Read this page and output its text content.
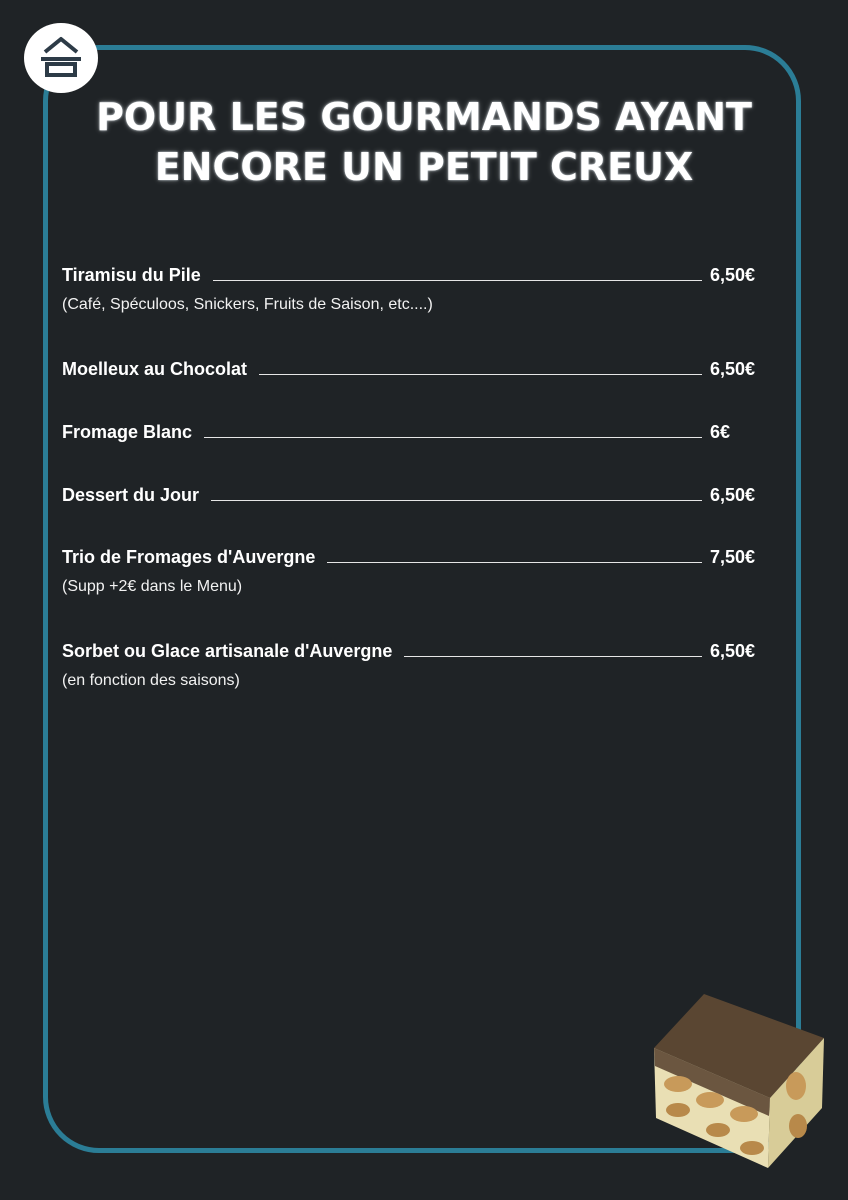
POUR LES GOURMANDS AYANT
ENCORE UN PETIT CREUX
Tiramisu du Pile	6,50€
(Café, Spéculoos, Snickers, Fruits de Saison, etc....)
Moelleux au Chocolat	6,50€
Fromage Blanc	6€
Dessert du Jour	6,50€
Trio de Fromages d'Auvergne	7,50€
(Supp +2€ dans le Menu)
Sorbet ou Glace artisanale d'Auvergne	6,50€
(en fonction des saisons)
